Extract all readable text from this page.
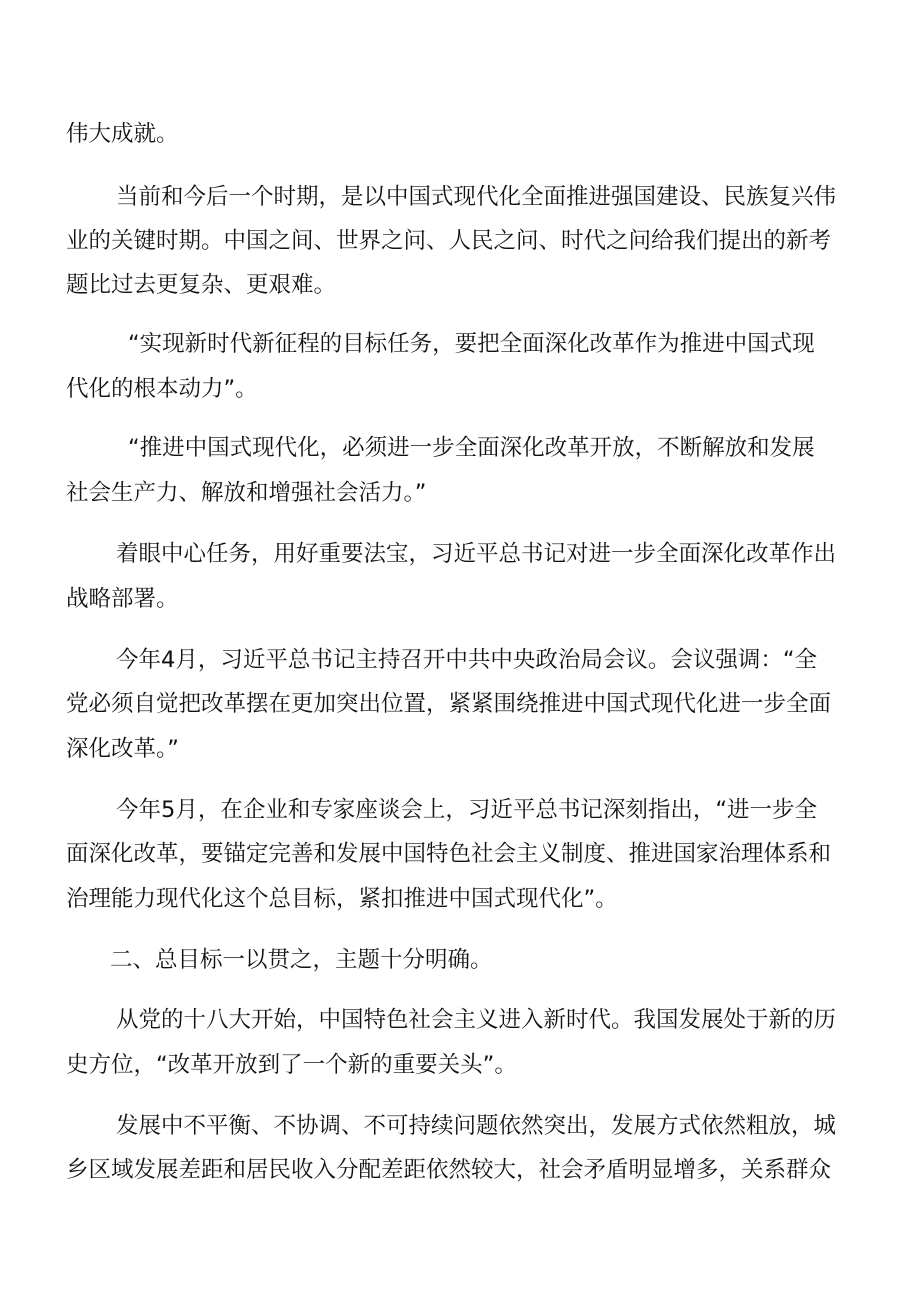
伟大成就。

当前和今后一个时期，是以中国式现代化全面推进强国建设、民族复兴伟

业的关键时期。中国之间、世界之问、人民之问、时代之问给我们提出的新考

题比过去更复杂、更艰难。

“实现新时代新征程的目标任务，要把全面深化改革作为推进中国式现

代化的根本动力”。

“推进中国式现代化，必须进一步全面深化改革开放，不断解放和发展

社会生产力、解放和增强社会活力。”

着眼中心任务，用好重要法宝，习近平总书记对进一步全面深化改革作出

战略部署。

今年4月，习近平总书记主持召开中共中央政治局会议。会议强调：“全

党必须自觉把改革摆在更加突出位置，紧紧围绕推进中国式现代化进一步全面

深化改革。”

今年5月，在企业和专家座谈会上，习近平总书记深刻指出，“进一步全

面深化改革，要锚定完善和发展中国特色社会主义制度、推进国家治理体系和

治理能力现代化这个总目标，紧扣推进中国式现代化”。

二、总目标一以贯之，主题十分明确。

从党的十八大开始，中国特色社会主义进入新时代。我国发展处于新的历

史方位，“改革开放到了一个新的重要关头”。

发展中不平衡、不协调、不可持续问题依然突出，发展方式依然粗放，城

乡区域发展差距和居民收入分配差距依然较大，社会矛盾明显增多，关系群众
